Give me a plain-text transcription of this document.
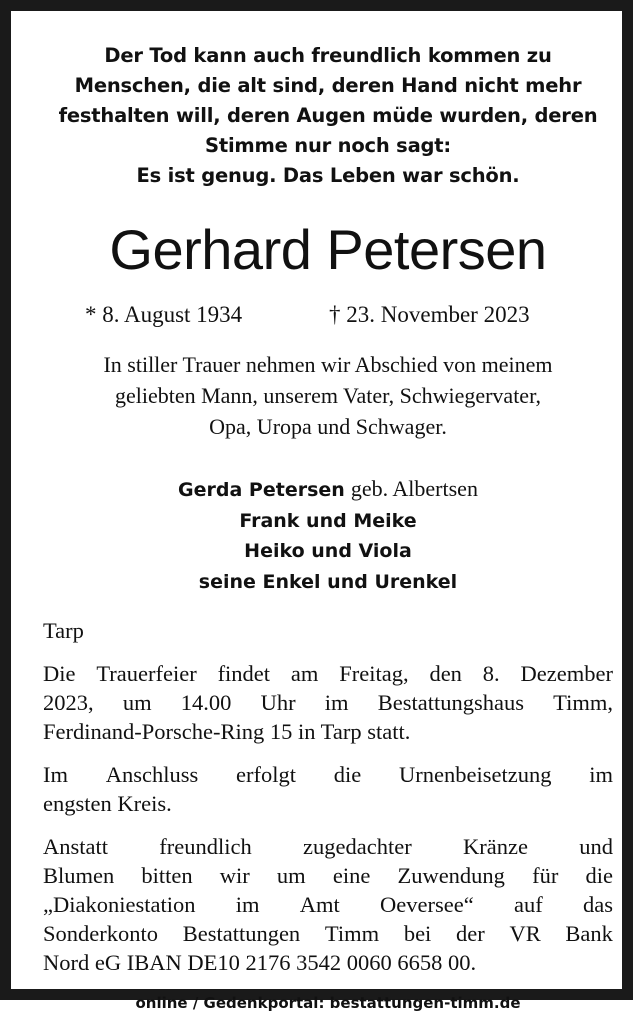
Der Tod kann auch freundlich kommen zu
Menschen, die alt sind, deren Hand nicht mehr
festhalten will, deren Augen müde wurden, deren
Stimme nur noch sagt:
Es ist genug. Das Leben war schön.
Gerhard Petersen
* 8. August 1934	† 23. November 2023
In stiller Trauer nehmen wir Abschied von meinem
geliebten Mann, unserem Vater, Schwiegervater,
Opa, Uropa und Schwager.
Gerda Petersen geb. Albertsen
Frank und Meike
Heiko und Viola
seine Enkel und Urenkel
Tarp
Die Trauerfeier findet am Freitag, den 8. Dezember
2023, um 14.00 Uhr im Bestattungshaus Timm,
Ferdinand-Porsche-Ring 15 in Tarp statt.
Im Anschluss erfolgt die Urnenbeisetzung im
engsten Kreis.
Anstatt freundlich zugedachter Kränze und
Blumen bitten wir um eine Zuwendung für die
„Diakoniestation im Amt Oeversee“ auf das
Sonderkonto Bestattungen Timm bei der VR Bank
Nord eG IBAN DE10 2176 3542 0060 6658 00.
online / Gedenkportal: bestattungen-timm.de
